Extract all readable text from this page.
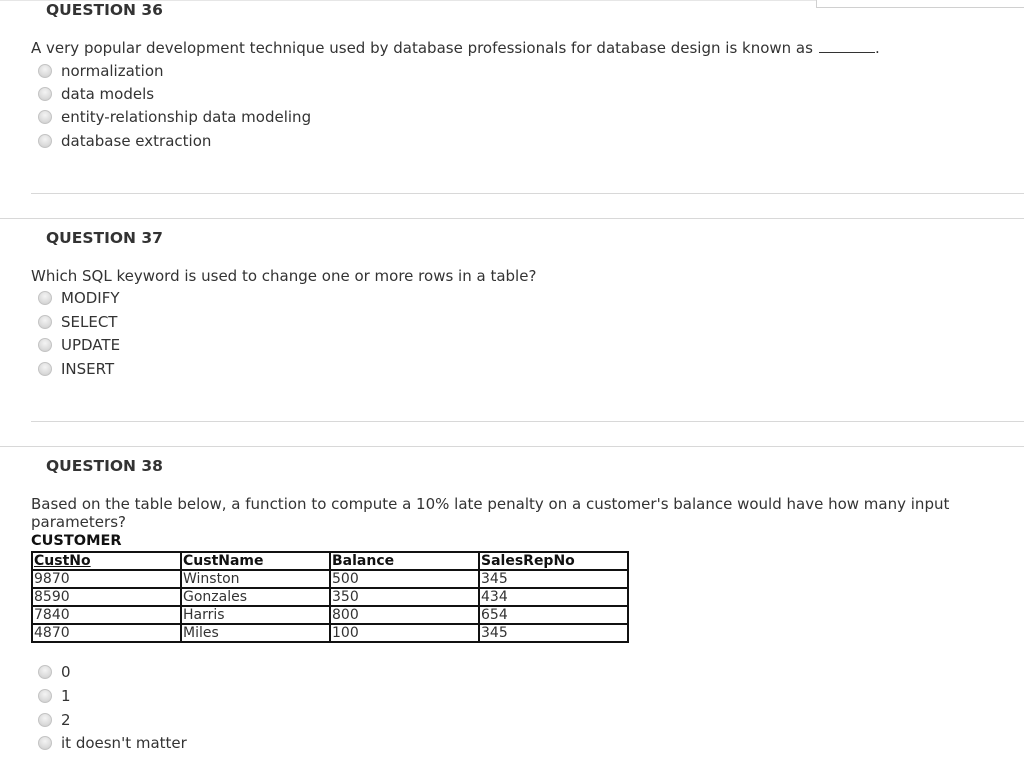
QUESTION 36
A very popular development technique used by database professionals for database design is known as	.
normalization
data models
entity-relationship data modeling
database extraction
QUESTION 37
Which SQL keyword is used to change one or more rows in a table?
MODIFY
SELECT
UPDATE
INSERT
QUESTION 38
Based on the table below, a function to compute a 10% late penalty on a customer's balance would have how many input parameters?
CUSTOMER
CustNo	CustName	Balance	SalesRepNo
9870	Winston	500	345
8590	Gonzales	350	434
7840	Harris	800	654
4870	Miles	100	345
0
1
2
it doesn't matter
